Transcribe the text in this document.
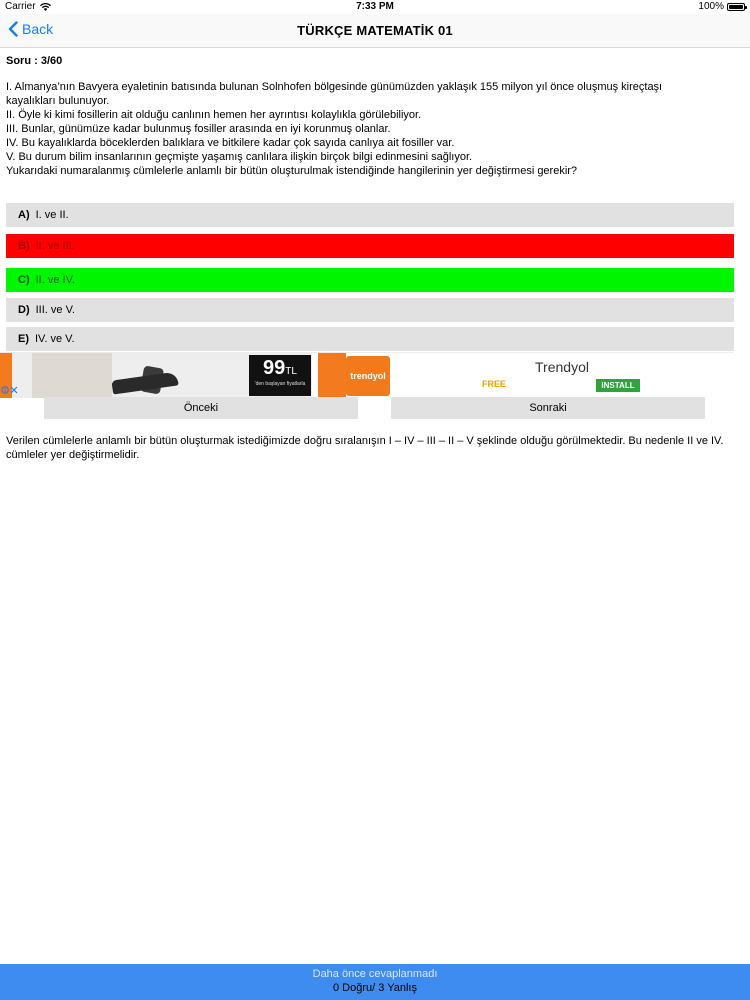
Carrier	7:33 PM	100%
Back	TÜRKÇE MATEMATİK 01
Soru : 3/60
I. Almanya’nın Bavyera eyaletinin batısında bulunan Solnhofen bölgesinde günümüzden yaklaşık 155 milyon yıl önce oluşmuş kireçtaşı
kayalıkları bulunuyor.
II. Öyle ki kimi fosillerin ait olduğu canlının hemen her ayrıntısı kolaylıkla görülebiliyor.
III. Bunlar, günümüze kadar bulunmuş fosiller arasında en iyi korunmuş olanlar.
IV. Bu kayalıklarda böceklerden balıklara ve bitkilere kadar çok sayıda canlıya ait fosiller var.
V. Bu durum bilim insanlarının geçmişte yaşamış canlılara ilişkin birçok bilgi edinmesini sağlıyor.
Yukarıdaki numaralanmış cümlelerle anlamlı bir bütün oluşturulmak istendiğinde hangilerinin yer değiştirmesi gerekir?
A) I. ve II.
B) II. ve III.
C) II. ve IV.
D) III. ve V.
E) IV. ve V.
99TL
'den başlayan fiyatlarla
trendyol
Trendyol
FREE	INSTALL
Önceki	Sonraki
Verilen cümlelerle anlamlı bir bütün oluşturmak istediğimizde doğru sıralanışın I – IV – III – II – V şeklinde olduğu görülmektedir. Bu nedenle II ve IV. cümleler yer değiştirmelidir.
Daha önce cevaplanmadı
0 Doğru/ 3 Yanlış
